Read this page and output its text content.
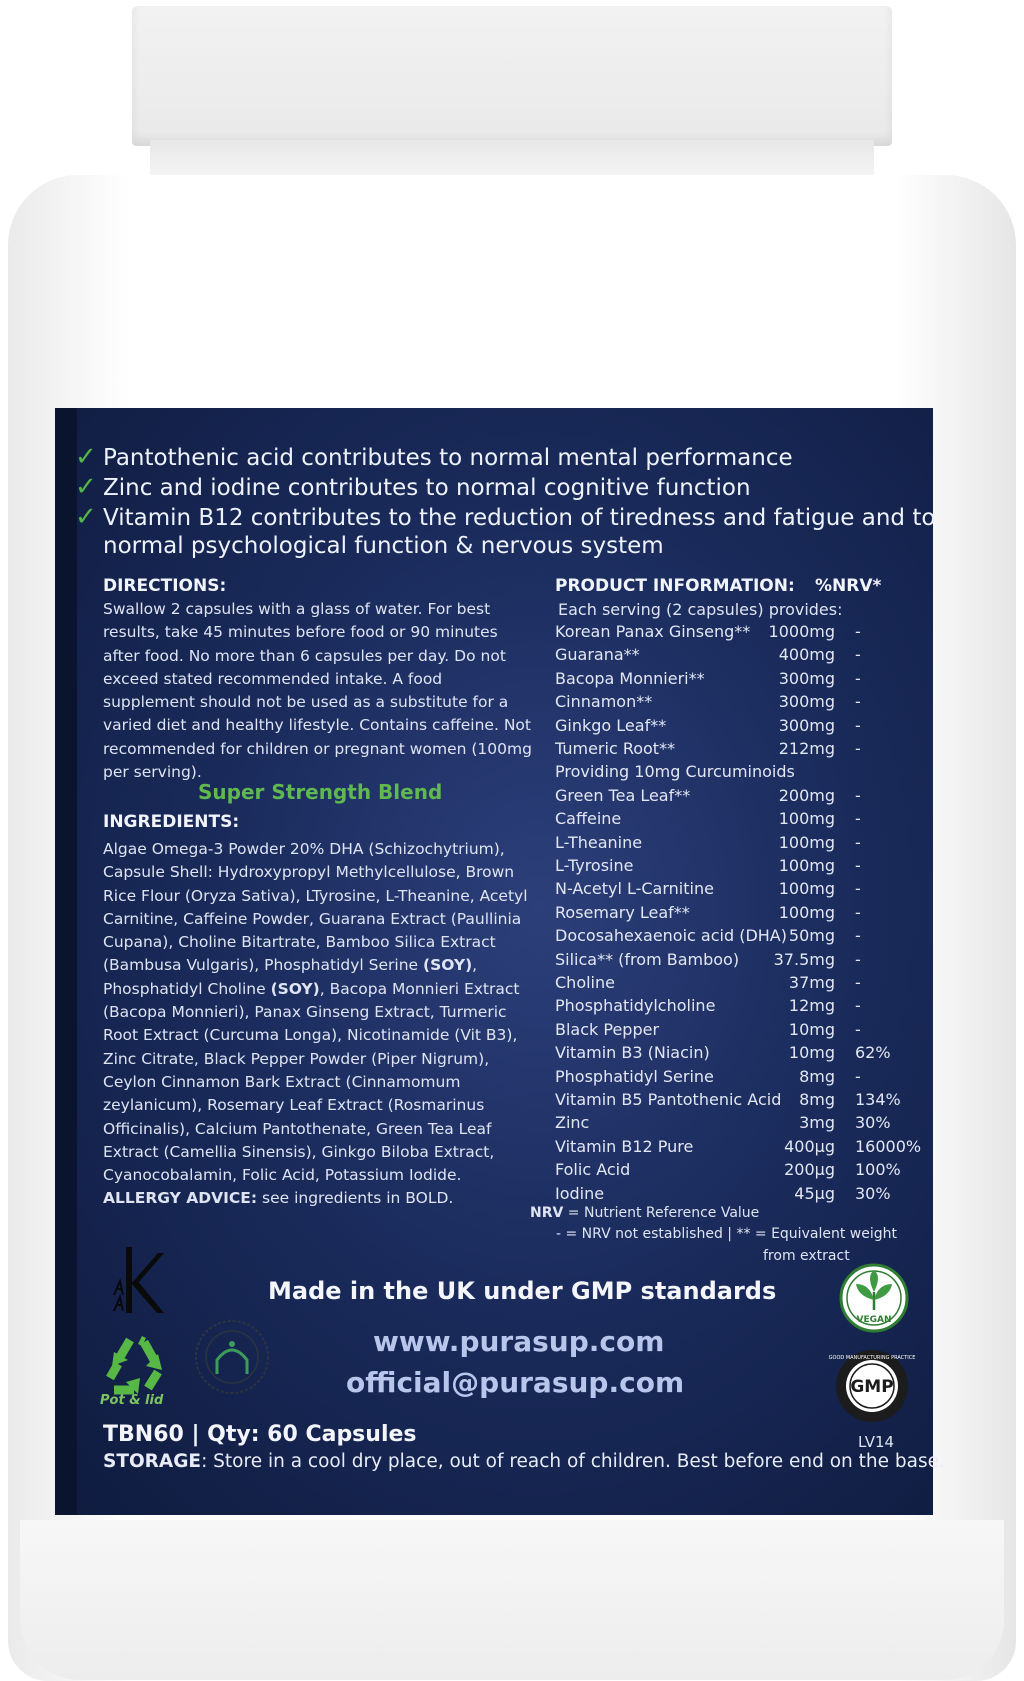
✓ Pantothenic acid contributes to normal mental performance
✓ Zinc and iodine contributes to normal cognitive function
✓ Vitamin B12 contributes to the reduction of tiredness and fatigue and to
normal psychological function & nervous system
DIRECTIONS:
Swallow 2 capsules with a glass of water. For best
results, take 45 minutes before food or 90 minutes
after food. No more than 6 capsules per day. Do not
exceed stated recommended intake. A food
supplement should not be used as a substitute for a
varied diet and healthy lifestyle. Contains caffeine. Not
recommended for children or pregnant women (100mg
per serving).
Super Strength Blend
INGREDIENTS:
Algae Omega-3 Powder 20% DHA (Schizochytrium),
Capsule Shell: Hydroxypropyl Methylcellulose, Brown
Rice Flour (Oryza Sativa), LTyrosine, L-Theanine, Acetyl
Carnitine, Caffeine Powder, Guarana Extract (Paullinia
Cupana), Choline Bitartrate, Bamboo Silica Extract
(Bambusa Vulgaris), Phosphatidyl Serine (SOY),
Phosphatidyl Choline (SOY), Bacopa Monnieri Extract
(Bacopa Monnieri), Panax Ginseng Extract, Turmeric
Root Extract (Curcuma Longa), Nicotinamide (Vit B3),
Zinc Citrate, Black Pepper Powder (Piper Nigrum),
Ceylon Cinnamon Bark Extract (Cinnamomum
zeylanicum), Rosemary Leaf Extract (Rosmarinus
Officinalis), Calcium Pantothenate, Green Tea Leaf
Extract (Camellia Sinensis), Ginkgo Biloba Extract,
Cyanocobalamin, Folic Acid, Potassium Iodide.
ALLERGY ADVICE: see ingredients in BOLD.
PRODUCT INFORMATION: %NRV*
Each serving (2 capsules) provides:
Korean Panax Ginseng** 1000mg -
Guarana**	400mg -
Bacopa Monnieri**	300mg -
Cinnamon**	300mg -
Ginkgo Leaf**	300mg -
Tumeric Root**	212mg -
Providing 10mg Curcuminoids
Green Tea Leaf**	200mg -
Caffeine	100mg -
L-Theanine	100mg -
L-Tyrosine	100mg -
N-Acetyl L-Carnitine	100mg -
Rosemary Leaf**	100mg -
Docosahexaenoic acid (DHA) 50mg -
Silica** (from Bamboo) 37.5mg -
Choline	37mg -
Phosphatidylcholine	12mg -
Black Pepper	10mg -
Vitamin B3 (Niacin)	10mg 62%
Phosphatidyl Serine	8mg -
Vitamin B5 Pantothenic Acid 8mg 134%
Zinc	3mg 30%
Vitamin B12 Pure	400µg 16000%
Folic Acid	200µg 100%
Iodine	45µg 30%
NRV = Nutrient Reference Value
- = NRV not established | ** = Equivalent weight
from extract
Made in the UK under GMP standards
www.purasup.com
official@purasup.com
Pot & lid
VEGAN
GMP
GOOD MANUFACTURING PRACTICE
TBN60 | Qty: 60 Capsules	LV14
STORAGE: Store in a cool dry place, out of reach of children. Best before end on the base.
